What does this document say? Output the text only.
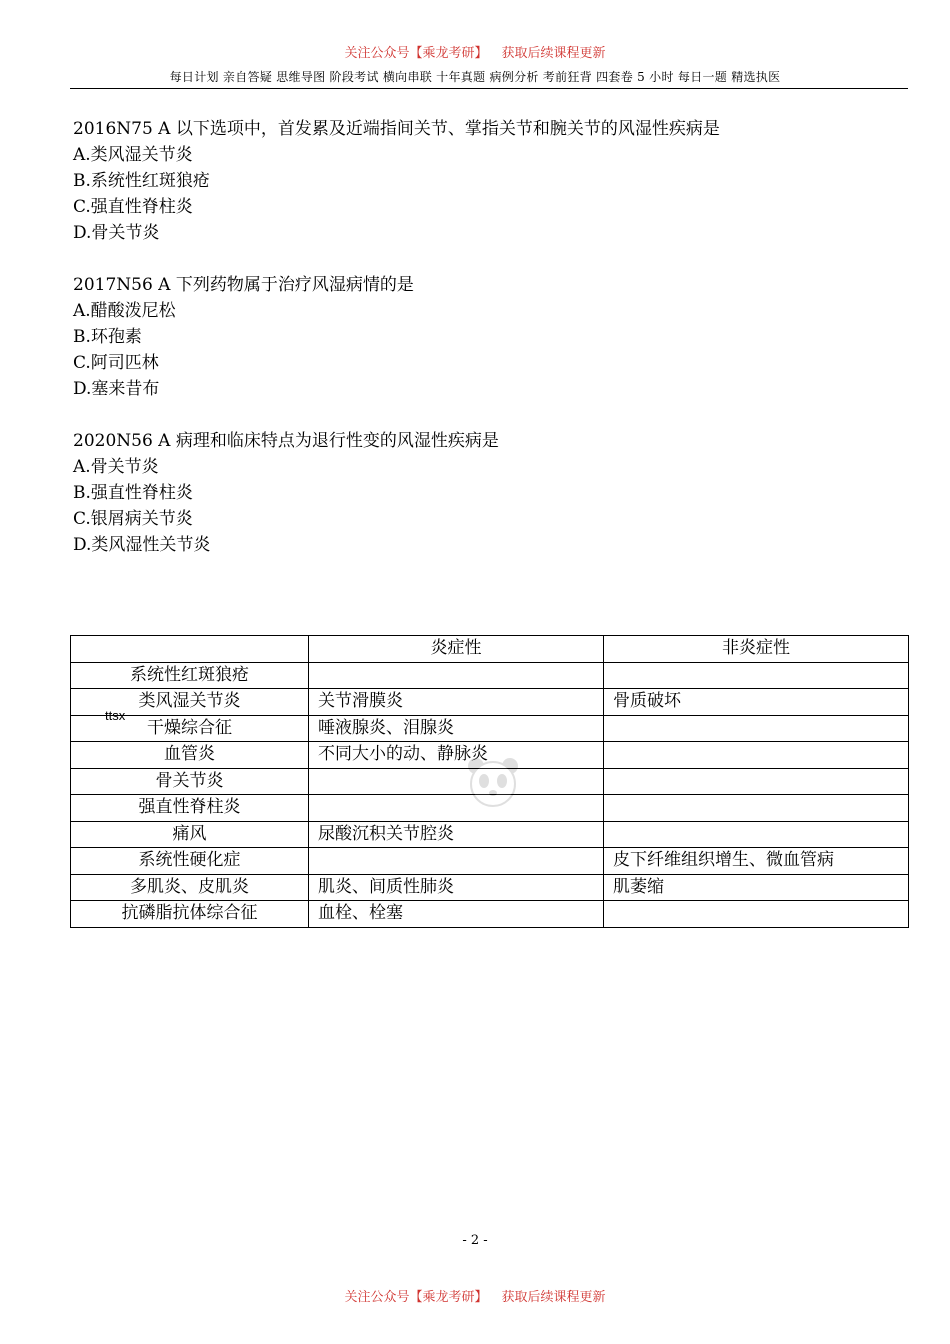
关注公众号【乘龙考研】 获取后续课程更新
每日计划 亲自答疑 思维导图 阶段考试 横向串联 十年真题 病例分析 考前狂背 四套卷 5 小时 每日一题 精选执医
2016N75 A 以下选项中，首发累及近端指间关节、掌指关节和腕关节的风湿性疾病是
A.类风湿关节炎
B.系统性红斑狼疮
C.强直性脊柱炎
D.骨关节炎
2017N56 A 下列药物属于治疗风湿病情的是
A.醋酸泼尼松
B.环孢素
C.阿司匹林
D.塞来昔布
2020N56 A 病理和临床特点为退行性变的风湿性疾病是
A.骨关节炎
B.强直性脊柱炎
C.银屑病关节炎
D.类风湿性关节炎
	炎症性	非炎症性
系统性红斑狼疮		
类风湿关节炎	关节滑膜炎	骨质破坏
干燥综合征	唾液腺炎、泪腺炎	
血管炎	不同大小的动、静脉炎	
骨关节炎		
强直性脊柱炎		
痛风	尿酸沉积关节腔炎	
系统性硬化症		皮下纤维组织增生、微血管病
多肌炎、皮肌炎	肌炎、间质性肺炎	肌萎缩
抗磷脂抗体综合征	血栓、栓塞	
ttsx
- 2 -
关注公众号【乘龙考研】 获取后续课程更新
